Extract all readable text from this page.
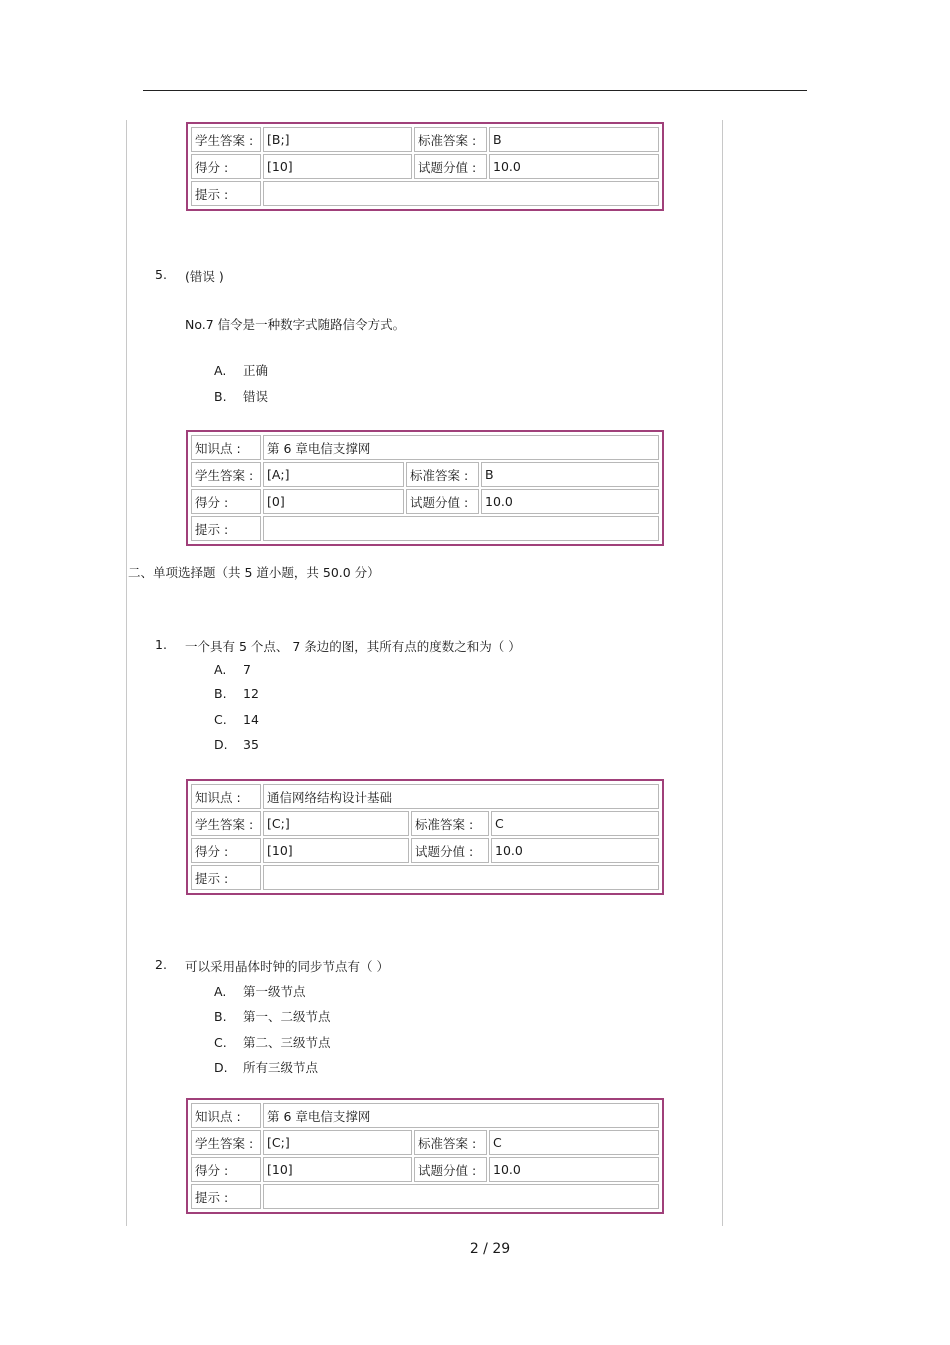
学生答案 :	[B;]	标准答案 :	B
得分 :	[10]	试题分值 :	10.0
提示 :			
5. (错误 )
No.7 信令是一种数字式随路信令方式。
A. 正确
B. 错误
知识点 :	第 6 章电信支撑网		
学生答案 :	[A;]	标准答案 :	B
得分 :	[0]	试题分值 :	10.0
提示 :			
二、单项选择题（共 5 道小题，共 50.0 分）
1. 一个具有 5 个点、 7 条边的图，其所有点的度数之和为（ ）
A. 7
B. 12
C. 14
D. 35
知识点 :	通信网络结构设计基础		
学生答案 :	[C;]	标准答案 :	C
得分 :	[10]	试题分值 :	10.0
提示 :			
2. 可以采用晶体时钟的同步节点有（ ）
A. 第一级节点
B. 第一、二级节点
C. 第二、三级节点
D. 所有三级节点
知识点 :	第 6 章电信支撑网		
学生答案 :	[C;]	标准答案 :	C
得分 :	[10]	试题分值 :	10.0
提示 :			
2 / 29
